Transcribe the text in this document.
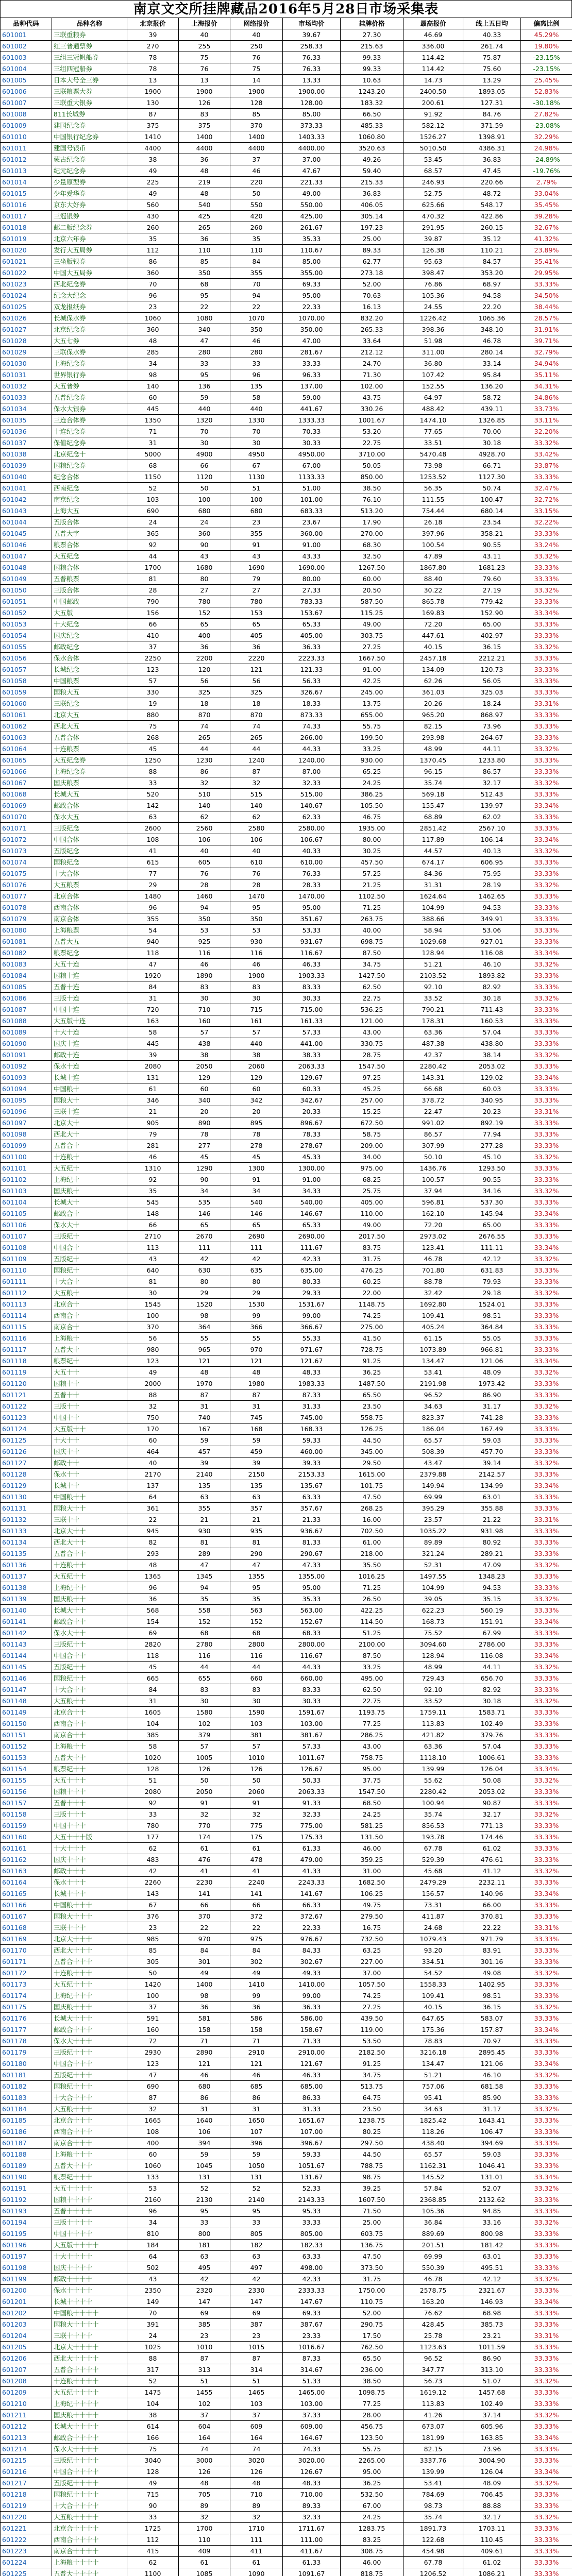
南京文交所挂牌藏品2016年5月28日市场采集表
品种代码	品种名称	北京报价	上海报价	网络报价	市场均价	挂牌价格	最高报价	线上五日均	偏离比例
601001	三联重粮券	39	40	40	39.67	27.30	46.69	40.33	45.29%
601002	红三普通票券	270	255	250	258.33	215.63	336.00	261.74	19.80%
601003	三组三冠帆船券	78	75	76	76.33	99.33	114.42	75.87	-23.15%
601004	三组四冠船券	78	76	75	76.33	99.33	114.42	75.60	-23.15%
601005	日本大号全三券	13	13	14	13.33	10.63	14.73	13.29	25.45%
601006	三联粮票大券	1900	1900	1900	1900.00	1243.20	2400.50	1893.05	52.83%
601007	三联重大银券	130	126	128	128.00	183.32	200.61	127.31	-30.18%
601008	811长城券	87	83	85	85.00	66.50	91.92	84.76	27.82%
601009	建国纪念券	375	375	370	373.33	485.33	582.12	371.59	-23.08%
601010	中国银行纪念券	1410	1400	1400	1403.33	1060.80	1526.27	1398.91	32.29%
601011	建国号银币	4400	4400	4400	4400.00	3520.63	5010.50	4386.31	24.98%
601012	蒙古纪念券	38	36	37	37.00	49.26	53.45	36.83	-24.89%
601013	纪元纪念券	49	48	46	47.67	59.40	68.57	47.45	-19.76%
601014	少量原型券	225	219	220	221.33	215.33	246.93	220.66	2.79%
601015	少年爱华券	49	48	50	49.00	36.83	52.75	48.72	33.04%
601016	京东大好券	560	540	550	550.00	406.05	625.66	548.17	35.45%
601017	三冠银券	430	425	420	425.00	305.14	470.32	422.86	39.28%
601018	邮二版纪念券	260	265	260	261.67	197.23	291.95	260.15	32.67%
601019	北京六年券	35	36	35	35.33	25.00	39.87	35.12	41.32%
601020	发行大五局券	112	110	110	110.67	89.33	126.38	110.21	23.89%
601021	三坐版银券	86	85	84	85.00	62.77	95.63	84.57	35.41%
601022	中国大五局券	360	350	355	355.00	273.18	398.47	353.20	29.95%
601023	西北纪念券	70	68	70	69.33	52.00	76.86	68.97	33.33%
601024	纪念大纪念	96	95	94	95.00	70.63	105.36	94.58	34.50%
601025	双龙报纸券	23	22	22	22.33	16.13	24.55	22.20	38.44%
601026	长城保水券	1060	1080	1070	1070.00	832.20	1226.42	1065.36	28.57%
601027	北京纪念券	360	340	350	350.00	265.33	398.36	348.10	31.91%
601028	大五七券	48	47	46	47.00	33.64	51.98	46.78	39.71%
601029	三联保水券	285	280	280	281.67	212.12	311.00	280.14	32.79%
601030	上海纪念券	34	33	33	33.33	24.70	36.80	33.14	34.94%
601031	世界银行券	98	95	96	96.33	71.30	107.42	95.84	35.11%
601032	大五普券	140	136	135	137.00	102.00	152.55	136.20	34.31%
601033	五普纪念券	60	59	58	59.00	43.75	64.97	58.72	34.86%
601034	保水大银券	445	440	440	441.67	330.26	488.42	439.11	33.73%
601035	三连合体券	1350	1320	1330	1333.33	1001.67	1474.10	1326.85	33.11%
601036	十连纪念券	71	70	70	70.33	53.20	77.65	70.00	32.20%
601037	保值纪念券	31	30	30	30.33	22.75	33.51	30.18	33.32%
601038	北京纪念十	5000	4900	4950	4950.00	3710.00	5470.48	4928.70	33.42%
601039	国粮纪念券	68	66	67	67.00	50.05	73.98	66.71	33.87%
601040	纪念合体	1150	1120	1130	1133.33	850.00	1253.52	1127.30	33.33%
601041	西南纪念	52	50	51	51.00	38.50	56.35	50.74	32.47%
601042	南京纪念	103	100	100	101.00	76.10	111.55	100.47	32.72%
601043	上海大五	690	680	680	683.33	513.20	754.44	680.14	33.15%
601044	五版合体	24	24	23	23.67	17.90	26.18	23.54	32.22%
601045	五普大字	365	360	355	360.00	270.00	397.96	358.21	33.33%
601046	粮票合体	92	90	91	91.00	68.30	100.54	90.55	33.24%
601047	大五纪念	44	43	43	43.33	32.50	47.89	43.11	33.32%
601048	国粮合体	1700	1680	1690	1690.00	1267.50	1867.80	1681.23	33.33%
601049	五普粮票	81	80	79	80.00	60.00	88.40	79.60	33.33%
601050	三版合体	28	27	27	27.33	20.50	30.22	27.19	33.32%
601051	中国邮政	790	780	780	783.33	587.50	865.78	779.42	33.33%
601052	大五版	156	152	153	153.67	115.25	169.83	152.90	33.34%
601053	十大纪念	66	65	65	65.33	49.00	72.20	65.00	33.33%
601054	国庆纪念	410	400	405	405.00	303.75	447.61	402.97	33.33%
601055	邮政纪念	37	36	36	36.33	27.25	40.15	36.15	33.32%
601056	保水合体	2250	2200	2220	2223.33	1667.50	2457.18	2212.21	33.33%
601057	长城纪念	123	120	121	121.33	91.00	134.09	120.73	33.33%
601058	中国粮票	57	56	56	56.33	42.25	62.26	56.05	33.33%
601059	国粮大五	330	325	325	326.67	245.00	361.03	325.03	33.33%
601060	三联纪念	19	18	18	18.33	13.75	20.26	18.24	33.31%
601061	北京大五	880	870	870	873.33	655.00	965.20	868.97	33.33%
601062	西北大五	75	74	74	74.33	55.75	82.15	73.96	33.33%
601063	五普合体	268	265	265	266.00	199.50	293.98	264.67	33.33%
601064	十连粮票	45	44	44	44.33	33.25	48.99	44.11	33.32%
601065	大五纪念券	1250	1230	1240	1240.00	930.00	1370.45	1233.80	33.33%
601066	上海纪念券	88	86	87	87.00	65.25	96.15	86.57	33.33%
601067	国庆粮票	33	32	32	32.33	24.25	35.74	32.17	33.32%
601068	长城大五	520	510	515	515.00	386.25	569.18	512.43	33.33%
601069	邮政合体	142	140	140	140.67	105.50	155.47	139.97	33.34%
601070	保水大五	63	62	62	62.33	46.75	68.89	62.02	33.33%
601071	三版纪念	2600	2560	2580	2580.00	1935.00	2851.42	2567.10	33.33%
601072	中国合体	108	106	106	106.67	80.00	117.89	106.14	33.34%
601073	五版纪念	41	40	40	40.33	30.25	44.57	40.13	33.32%
601074	国粮纪念	615	605	610	610.00	457.50	674.17	606.95	33.33%
601075	十大合体	77	76	76	76.33	57.25	84.36	75.95	33.33%
601076	大五粮票	29	28	28	28.33	21.25	31.31	28.19	33.32%
601077	北京合体	1480	1460	1470	1470.00	1102.50	1624.64	1462.65	33.33%
601078	西南合体	96	94	95	95.00	71.25	104.99	94.53	33.33%
601079	南京合体	355	350	350	351.67	263.75	388.66	349.91	33.33%
601080	上海粮票	54	53	53	53.33	40.00	58.94	53.06	33.33%
601081	五普大五	940	925	930	931.67	698.75	1029.68	927.01	33.33%
601082	粮票纪念	118	116	116	116.67	87.50	128.94	116.08	33.34%
601083	大五十连	47	46	46	46.33	34.75	51.21	46.10	33.32%
601084	国粮十连	1920	1890	1900	1903.33	1427.50	2103.52	1893.82	33.33%
601085	五普十连	84	83	83	83.33	62.50	92.10	82.92	33.33%
601086	三版十连	31	30	30	30.33	22.75	33.52	30.18	33.32%
601087	中国十连	720	710	715	715.00	536.25	790.21	711.43	33.33%
601088	大五版十连	163	160	161	161.33	121.00	178.31	160.53	33.33%
601089	十大十连	58	57	57	57.33	43.00	63.36	57.04	33.33%
601090	国庆十连	445	438	440	441.00	330.75	487.38	438.80	33.33%
601091	邮政十连	39	38	38	38.33	28.75	42.37	38.14	33.32%
601092	保水十连	2080	2050	2060	2063.33	1547.50	2280.42	2053.02	33.33%
601093	长城十连	131	129	129	129.67	97.25	143.31	129.02	33.34%
601094	中国粮十	61	60	60	60.33	45.25	66.68	60.03	33.33%
601095	国粮大十	346	340	342	342.67	257.00	378.72	340.95	33.33%
601096	三联十连	21	20	20	20.33	15.25	22.47	20.23	33.31%
601097	北京大十	905	890	895	896.67	672.50	991.02	892.19	33.33%
601098	西北大十	79	78	78	78.33	58.75	86.57	77.94	33.33%
601099	五普合十	281	277	278	278.67	209.00	307.99	277.28	33.33%
601100	十连粮十	46	45	45	45.33	34.00	50.10	45.10	33.32%
601101	大五纪十	1310	1290	1300	1300.00	975.00	1436.76	1293.50	33.33%
601102	上海纪十	92	90	91	91.00	68.25	100.57	90.55	33.33%
601103	国庆粮十	35	34	34	34.33	25.75	37.94	34.16	33.32%
601104	长城大十	545	535	540	540.00	405.00	596.81	537.30	33.33%
601105	邮政合十	148	146	146	146.67	110.00	162.10	145.94	33.34%
601106	保水大十	66	65	65	65.33	49.00	72.20	65.00	33.33%
601107	三版纪十	2710	2670	2690	2690.00	2017.50	2973.02	2676.55	33.33%
601108	中国合十	113	111	111	111.67	83.75	123.41	111.11	33.34%
601109	五版纪十	43	42	42	42.33	31.75	46.78	42.12	33.32%
601110	国粮纪十	640	630	635	635.00	476.25	701.80	631.83	33.33%
601111	十大合十	81	80	80	80.33	60.25	88.78	79.93	33.33%
601112	大五粮十	30	29	29	29.33	22.00	32.42	29.18	33.32%
601113	北京合十	1545	1520	1530	1531.67	1148.75	1692.80	1524.01	33.33%
601114	西南合十	100	98	99	99.00	74.25	109.41	98.51	33.33%
601115	南京合十	370	364	366	366.67	275.00	405.24	364.84	33.33%
601116	上海粮十	56	55	55	55.33	41.50	61.15	55.05	33.33%
601117	五普大十	980	965	970	971.67	728.75	1073.89	966.81	33.33%
601118	粮票纪十	123	121	121	121.67	91.25	134.47	121.06	33.34%
601119	大五十十	49	48	48	48.33	36.25	53.41	48.09	33.32%
601120	国粮十十	2000	1970	1980	1983.33	1487.50	2191.98	1973.42	33.33%
601121	五普十十	88	87	87	87.33	65.50	96.52	86.90	33.33%
601122	三版十十	32	31	31	31.33	23.50	34.63	31.17	33.32%
601123	中国十十	750	740	745	745.00	558.75	823.37	741.28	33.33%
601124	大五版十十	170	167	168	168.33	126.25	186.04	167.49	33.33%
601125	十大十十	60	59	59	59.33	44.50	65.57	59.03	33.33%
601126	国庆十十	464	457	459	460.00	345.00	508.39	457.70	33.33%
601127	邮政十十	40	39	39	39.33	29.50	43.47	39.14	33.32%
601128	保水十十	2170	2140	2150	2153.33	1615.00	2379.88	2142.57	33.33%
601129	长城十十	137	135	135	135.67	101.75	149.94	134.99	33.34%
601130	中国粮十十	64	63	63	63.33	47.50	69.99	63.01	33.33%
601131	国粮大十十	361	355	357	357.67	268.25	395.29	355.88	33.33%
601132	三联十十	22	21	21	21.33	16.00	23.57	21.22	33.31%
601133	北京大十十	945	930	935	936.67	702.50	1035.22	931.98	33.33%
601134	西北大十十	82	81	81	81.33	61.00	89.89	80.92	33.33%
601135	五普合十十	293	289	290	290.67	218.00	321.24	289.21	33.33%
601136	十连粮十十	48	47	47	47.33	35.50	52.31	47.09	33.32%
601137	大五纪十十	1365	1345	1355	1355.00	1016.25	1497.55	1348.23	33.33%
601138	上海纪十十	96	94	95	95.00	71.25	104.99	94.53	33.33%
601139	国庆粮十十	36	35	35	35.33	26.50	39.05	35.15	33.32%
601140	长城大十十	568	558	563	563.00	422.25	622.23	560.19	33.33%
601141	邮政合十十	154	152	152	152.67	114.50	168.73	151.91	33.34%
601142	保水大十十	69	68	68	68.33	51.25	75.52	67.99	33.33%
601143	三版纪十十	2820	2780	2800	2800.00	2100.00	3094.60	2786.00	33.33%
601144	中国合十十	118	116	116	116.67	87.50	128.94	116.08	33.34%
601145	五版纪十十	45	44	44	44.33	33.25	48.99	44.11	33.32%
601146	国粮纪十十	665	655	660	660.00	495.00	729.43	656.70	33.33%
601147	十大合十十	84	83	83	83.33	62.50	92.10	82.92	33.33%
601148	大五粮十十	31	30	30	30.33	22.75	33.52	30.18	33.32%
601149	北京合十十	1605	1580	1590	1591.67	1193.75	1759.11	1583.71	33.33%
601150	西南合十十	104	102	103	103.00	77.25	113.83	102.49	33.33%
601151	南京合十十	385	379	381	381.67	286.25	421.82	379.76	33.33%
601152	上海粮十十	58	57	57	57.33	43.00	63.36	57.04	33.33%
601153	五普大十十	1020	1005	1010	1011.67	758.75	1118.10	1006.61	33.33%
601154	粮票纪十十	128	126	126	126.67	95.00	139.99	126.04	33.34%
601155	大五十十十	51	50	50	50.33	37.75	55.62	50.08	33.32%
601156	国粮十十十	2080	2050	2060	2063.33	1547.50	2280.42	2053.02	33.33%
601157	五普十十十	92	91	91	91.33	68.50	100.94	90.87	33.33%
601158	三版十十十	33	32	32	32.33	24.25	35.74	32.17	33.32%
601159	中国十十十	780	770	775	775.00	581.25	856.53	771.13	33.33%
601160	大五十十十版	177	174	175	175.33	131.50	193.78	174.46	33.33%
601161	十大十十十	62	61	61	61.33	46.00	67.78	61.02	33.33%
601162	国庆十十十	483	476	478	479.00	359.25	529.39	476.61	33.33%
601163	邮政十十十	42	41	41	41.33	31.00	45.68	41.12	33.32%
601164	保水十十十	2260	2230	2240	2243.33	1682.50	2479.29	2232.11	33.33%
601165	长城十十十	143	141	141	141.67	106.25	156.57	140.96	33.34%
601166	中国粮十十十	67	66	66	66.33	49.75	73.31	66.00	33.33%
601167	国粮大十十十	376	370	372	372.67	279.50	411.87	370.81	33.33%
601168	三联十十十	23	22	22	22.33	16.75	24.68	22.22	33.31%
601169	北京大十十十	985	970	975	976.67	732.50	1079.43	971.79	33.33%
601170	西北大十十十	85	84	84	84.33	63.25	93.20	83.91	33.33%
601171	五普合十十十	305	301	302	302.67	227.00	334.51	301.16	33.33%
601172	十连粮十十十	50	49	49	49.33	37.00	54.52	49.08	33.32%
601173	大五纪十十十	1420	1400	1410	1410.00	1057.50	1558.33	1402.95	33.33%
601174	上海纪十十十	100	98	99	99.00	74.25	109.41	98.51	33.33%
601175	国庆粮十十十	37	36	36	36.33	27.25	40.15	36.15	33.32%
601176	长城大十十十	591	581	586	586.00	439.50	647.65	583.07	33.33%
601177	邮政合十十十	160	158	158	158.67	119.00	175.36	157.87	33.34%
601178	保水大十十十	72	71	71	71.33	53.50	78.83	70.97	33.33%
601179	三版纪十十十	2930	2890	2910	2910.00	2182.50	3216.18	2895.45	33.33%
601180	中国合十十十	123	121	121	121.67	91.25	134.47	121.06	33.34%
601181	五版纪十十十	47	46	46	46.33	34.75	51.21	46.10	33.32%
601182	国粮纪十十十	690	680	685	685.00	513.75	757.06	681.58	33.33%
601183	十大合十十十	87	86	86	86.33	64.75	95.41	85.90	33.33%
601184	大五粮十十十	32	31	31	31.33	23.50	34.63	31.17	33.32%
601185	北京合十十十	1665	1640	1650	1651.67	1238.75	1825.42	1643.41	33.33%
601186	西南合十十十	108	106	107	107.00	80.25	118.26	106.47	33.33%
601187	南京合十十十	400	394	396	396.67	297.50	438.40	394.69	33.33%
601188	上海粮十十十	60	59	59	59.33	44.50	65.57	59.03	33.33%
601189	五普大十十十	1060	1045	1050	1051.67	788.75	1162.31	1046.41	33.33%
601190	粮票纪十十十	133	131	131	131.67	98.75	145.52	131.01	33.34%
601191	大五十十十十	53	52	52	52.33	39.25	57.84	52.07	33.32%
601192	国粮十十十十	2160	2130	2140	2143.33	1607.50	2368.85	2132.62	33.33%
601193	五普十十十十	96	95	95	95.33	71.50	105.36	94.85	33.33%
601194	三版十十十十	34	33	33	33.33	25.00	36.84	33.16	33.32%
601195	中国十十十十	810	800	805	805.00	603.75	889.69	800.98	33.33%
601196	大五版十十十十	184	181	182	182.33	136.75	201.51	181.42	33.33%
601197	十大十十十十	64	63	63	63.33	47.50	69.99	63.01	33.33%
601198	国庆十十十十	502	495	497	498.00	373.50	550.39	495.51	33.33%
601199	邮政十十十十	43	42	42	42.33	31.75	46.78	42.12	33.32%
601200	保水十十十十	2350	2320	2330	2333.33	1750.00	2578.75	2321.67	33.33%
601201	长城十十十十	149	147	147	147.67	110.75	163.20	146.93	33.34%
601202	中国粮十十十十	70	69	69	69.33	52.00	76.62	68.98	33.33%
601203	国粮大十十十十	391	385	387	387.67	290.75	428.45	385.73	33.33%
601204	三联十十十十	24	23	23	23.33	17.50	25.78	23.21	33.31%
601205	北京大十十十十	1025	1010	1015	1016.67	762.50	1123.63	1011.59	33.33%
601206	西北大十十十十	88	87	87	87.33	65.50	96.52	86.90	33.33%
601207	五普合十十十十	317	313	314	314.67	236.00	347.77	313.10	33.33%
601208	十连粮十十十十	52	51	51	51.33	38.50	56.73	51.07	33.32%
601209	大五纪十十十十	1475	1455	1465	1465.00	1098.75	1619.12	1457.68	33.33%
601210	上海纪十十十十	104	102	103	103.00	77.25	113.83	102.49	33.33%
601211	国庆粮十十十十	38	37	37	37.33	28.00	41.26	37.14	33.32%
601212	长城大十十十十	614	604	609	609.00	456.75	673.07	605.96	33.33%
601213	邮政合十十十十	166	164	164	164.67	123.50	181.99	163.85	33.34%
601214	保水大十十十十	75	74	74	74.33	55.75	82.15	73.96	33.33%
601215	三版纪十十十十	3040	3000	3020	3020.00	2265.00	3337.76	3004.90	33.33%
601216	中国合十十十十	128	126	126	126.67	95.00	139.99	126.04	33.34%
601217	五版纪十十十十	49	48	48	48.33	36.25	53.41	48.09	33.32%
601218	国粮纪十十十十	715	705	710	710.00	532.50	784.69	706.45	33.33%
601219	十大合十十十十	90	89	89	89.33	67.00	98.73	88.88	33.33%
601220	大五粮十十十十	33	32	32	32.33	24.25	35.74	32.17	33.32%
601221	北京合十十十十	1725	1700	1710	1711.67	1283.75	1891.73	1703.11	33.33%
601222	西南合十十十十	112	110	111	111.00	83.25	122.68	110.45	33.33%
601223	南京合十十十十	415	409	411	411.67	308.75	454.98	409.61	33.33%
601224	上海粮十十十十	62	61	61	61.33	46.00	67.78	61.02	33.33%
601225	五普大十十十十	1100	1085	1090	1091.67	818.75	1206.52	1086.21	33.33%
